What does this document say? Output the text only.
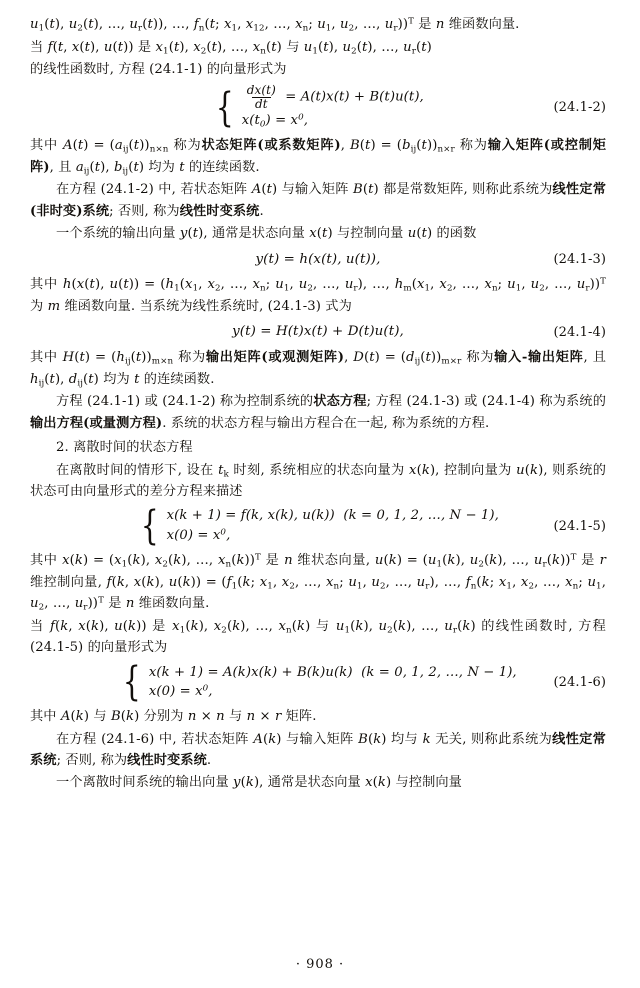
$u_1(t)$, $u_2(t)$, …, $u_r(t)$), …, $f_n(t$; $x_1$, $x_{12}$, …, $x_n$; $u_1$, $u_2$, …, $u_r))^T$ 是 n 维函数向量.

当 f(t, x(t), u(t)) 是 $x_1(t)$, $x_2(t)$, …, $x_n(t)$ 与 $u_1(t)$, $u_2(t)$, …, $u_r(t)$

的线性函数时, 方程 (24.1-1) 的向量形式为

{ $\frac{dx(t)}{dt} = A(t)x(t) + B(t)u(t)$,
$x(t_0) = x^0$,
(24.1-2)

其中 $A(t) = (a_{ij}(t))_{n\times n}$ 称为状态矩阵(或系数矩阵), $B(t) = (b_{ij}(t))_{n\times r}$ 称为输入矩阵(或控制矩阵), 且 $a_{ij}(t)$, $b_{ij}(t)$ 均为 t 的连续函数.

在方程 (24.1-2) 中, 若状态矩阵 A(t) 与输入矩阵 B(t) 都是常数矩阵, 则称此系统为线性定常(非时变)系统; 否则, 称为线性时变系统.

一个系统的输出向量 y(t), 通常是状态向量 x(t) 与控制向量 u(t) 的函数

y(t) = h(x(t), u(t)),	(24.1-3)

其中 h(x(t), $u(t)) = (h_1(x_1$, $x_2$, …, $x_n$; $u_1$, $u_2$, …, $u_r$), …, $h_m(x_1$, $x_2$, …, $x_n$; $u_1$, $u_2$, …, $u_r))^T$ 为 m 维函数向量. 当系统为线性系统时, (24.1-3) 式为

y(t) = H(t)x(t) + D(t)u(t),	(24.1-4)

其中 $H(t) = (h_{ij}(t))_{m\times n}$ 称为输出矩阵(或观测矩阵), $D(t) = (d_{ij}(t))_{m\times r}$ 称为输入-输出矩阵, 且 $h_{ij}(t)$, $d_{ij}(t)$ 均为 t 的连续函数.

方程 (24.1-1) 或 (24.1-2) 称为控制系统的状态方程; 方程 (24.1-3) 或 (24.1-4) 称为系统的输出方程(或量测方程). 系统的状态方程与输出方程合在一起, 称为系统的方程.

2. 离散时间的状态方程

在离散时间的情形下, 设在 $t_k$ 时刻, 系统相应的状态向量为 x(k), 控制向量为 u(k), 则系统的状态可由向量形式的差分方程来描述

{ x(k + 1) = f(k, x(k), u(k))  (k = 0, 1, 2, …, N − 1),
$x(0) = x^0$,
(24.1-5)

其中 $x(k) = (x_1(k)$, $x_2(k)$, …, $x_n(k))^T$ 是 n 维状态向量, $u(k) = (u_1(k)$, $u_2(k)$, …, $u_r(k))^T$ 是 r 维控制向量, f(k, x(k), $u(k)) = (f_1(k$; $x_1$, $x_2$, …, $x_n$; $u_1$, $u_2$, …, $u_r$), …, $f_n(k$; $x_1$, $x_2$, …, $x_n$; $u_1$, $u_2$, …, $u_r))^T$ 是 n 维函数向量.

当 f(k, x(k), u(k)) 是 $x_1(k)$, $x_2(k)$, …, $x_n(k)$ 与 $u_1(k)$, $u_2(k)$, …, $u_r(k)$ 的线性函数时, 方程 (24.1-5) 的向量形式为

{ x(k + 1) = A(k)x(k) + B(k)u(k)  (k = 0, 1, 2, …, N − 1),
$x(0) = x^0$,
(24.1-6)

其中 A(k) 与 B(k) 分别为 n × n 与 n × r 矩阵.

在方程 (24.1-6) 中, 若状态矩阵 A(k) 与输入矩阵 B(k) 均与 k 无关, 则称此系统为线性定常系统; 否则, 称为线性时变系统.

一个离散时间系统的输出向量 y(k), 通常是状态向量 x(k) 与控制向量

· 908 ·
